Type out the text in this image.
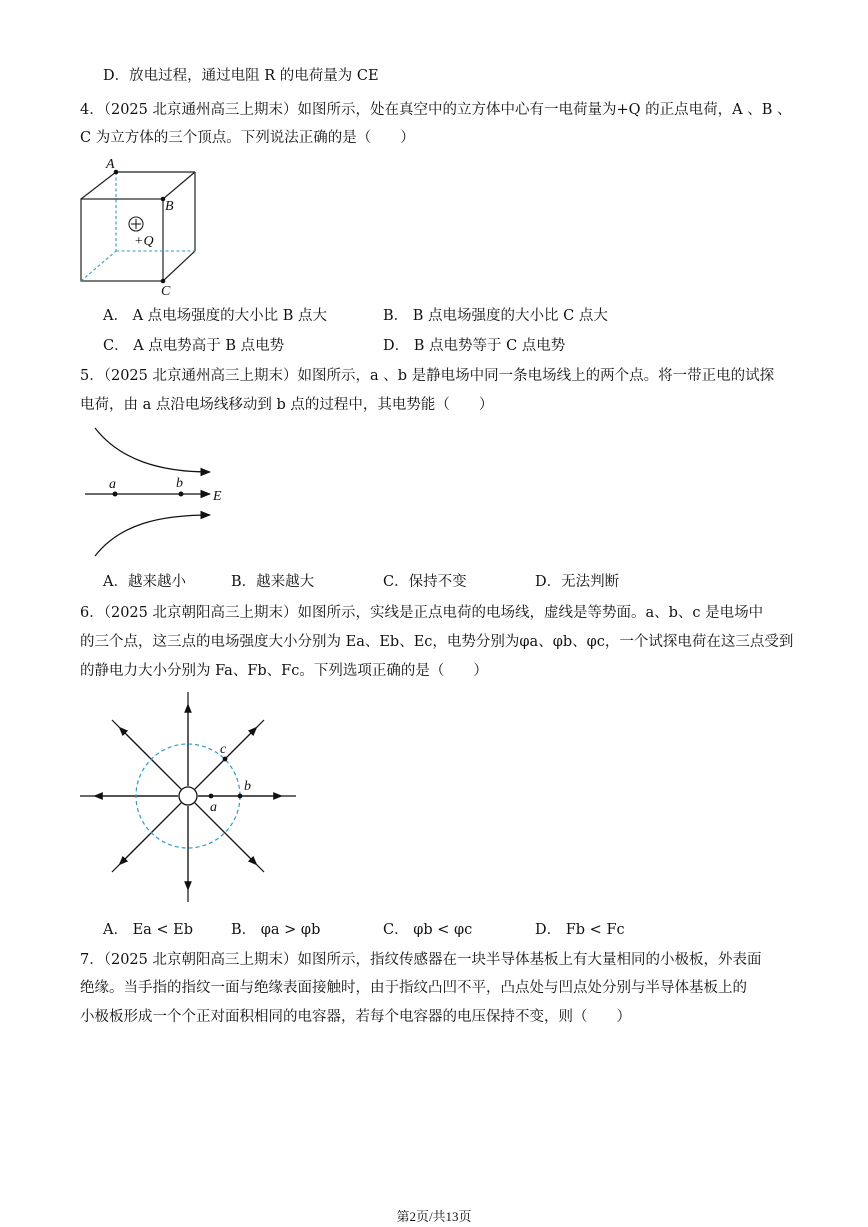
D．放电过程，通过电阻 R 的电荷量为 CE
4．（2025 北京通州高三上期末）如图所示，处在真空中的立方体中心有一电荷量为+Q 的正点电荷，A 、B 、
C 为立方体的三个顶点。下列说法正确的是（　　）
A
B
C
+Q
A． A 点电场强度的大小比 B 点大	B． B 点电场强度的大小比 C 点大
C． A 点电势高于 B 点电势	D． B 点电势等于 C 点电势
5．（2025 北京通州高三上期末）如图所示，a 、b 是静电场中同一条电场线上的两个点。将一带正电的试探
电荷，由 a 点沿电场线移动到 b 点的过程中，其电势能（　　）
a	b
E
A．越来越小	B．越来越大	C．保持不变	D．无法判断
6．（2025 北京朝阳高三上期末）如图所示，实线是正点电荷的电场线，虚线是等势面。a、b、c 是电场中
的三个点，这三点的电场强度大小分别为 Ea、Eb、Ec，电势分别为φa、φb、φc，一个试探电荷在这三点受到
的静电力大小分别为 Fa、Fb、Fc。下列选项正确的是（　　）
a
b
c
A． Ea < Eb	B． φa > φb	C． φb < φc	D． Fb < Fc
7．（2025 北京朝阳高三上期末）如图所示，指纹传感器在一块半导体基板上有大量相同的小极板，外表面
绝缘。当手指的指纹一面与绝缘表面接触时，由于指纹凸凹不平，凸点处与凹点处分别与半导体基板上的
小极板形成一个个正对面积相同的电容器，若每个电容器的电压保持不变，则（　　）
第2页/共13页
